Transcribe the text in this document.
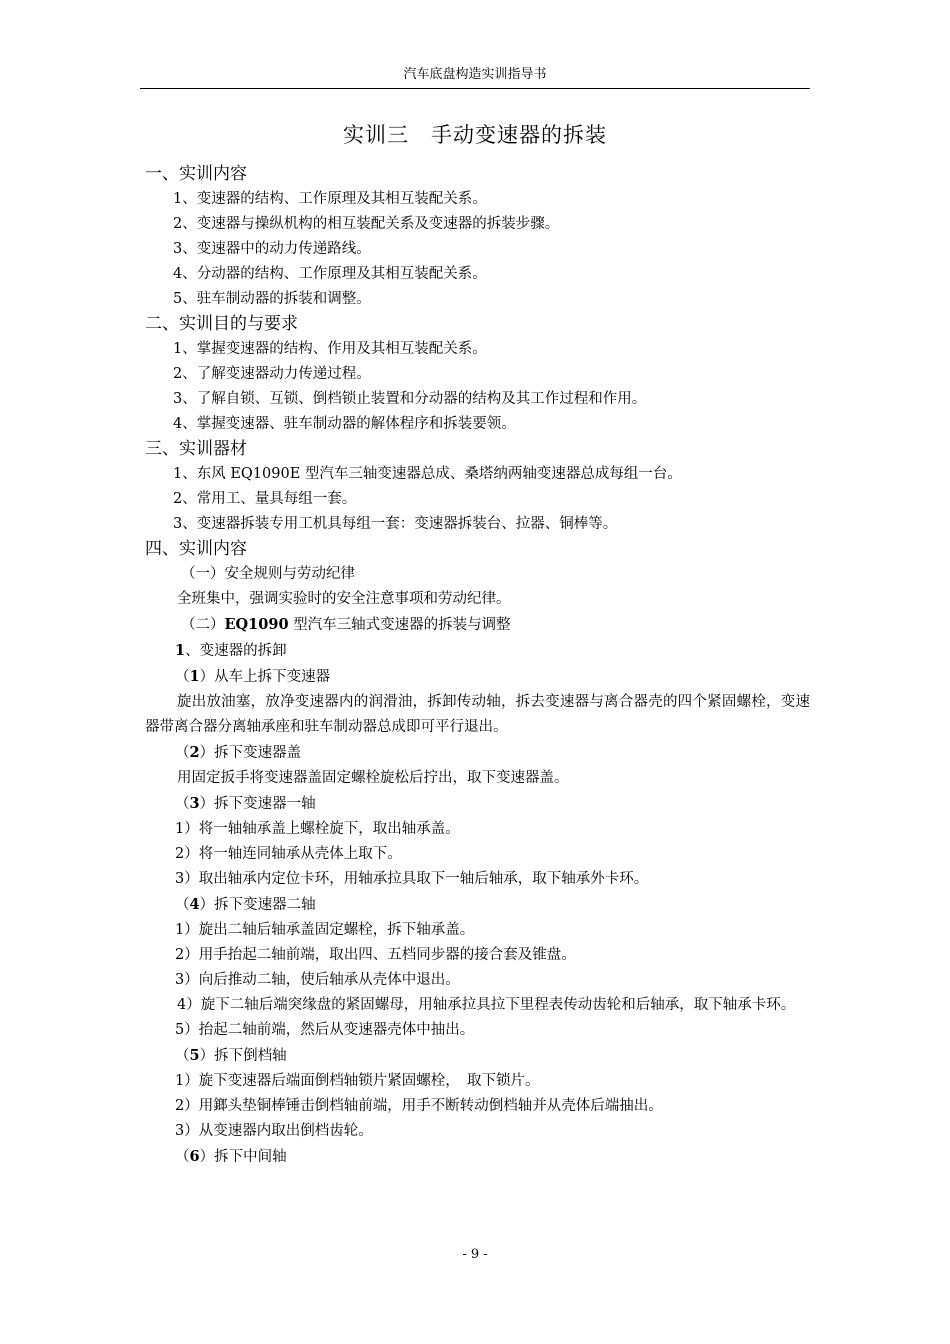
汽车底盘构造实训指导书
实训三　手动变速器的拆装

一、实训内容

1、变速器的结构、工作原理及其相互装配关系。

2、变速器与操纵机构的相互装配关系及变速器的拆装步骤。

3、变速器中的动力传递路线。

4、分动器的结构、工作原理及其相互装配关系。

5、驻车制动器的拆装和调整。

二、实训目的与要求

1、掌握变速器的结构、作用及其相互装配关系。

2、了解变速器动力传递过程。

3、了解自锁、互锁、倒档锁止装置和分动器的结构及其工作过程和作用。

4、掌握变速器、驻车制动器的解体程序和拆装要领。

三、实训器材

1、东风 EQ1090E 型汽车三轴变速器总成、桑塔纳两轴变速器总成每组一台。

2、常用工、量具每组一套。

3、变速器拆装专用工机具每组一套：变速器拆装台、拉器、铜棒等。

四、实训内容

（一）安全规则与劳动纪律

全班集中，强调实验时的安全注意事项和劳动纪律。

（二）EQ1090 型汽车三轴式变速器的拆装与调整

1、变速器的拆卸

（1）从车上拆下变速器

旋出放油塞，放净变速器内的润滑油，拆卸传动轴，拆去变速器与离合器壳的四个紧固螺栓，变速器带离合器分离轴承座和驻车制动器总成即可平行退出。

（2）拆下变速器盖

用固定扳手将变速器盖固定螺栓旋松后拧出，取下变速器盖。

（3）拆下变速器一轴

1）将一轴轴承盖上螺栓旋下，取出轴承盖。

2）将一轴连同轴承从壳体上取下。

3）取出轴承内定位卡环，用轴承拉具取下一轴后轴承，取下轴承外卡环。

（4）拆下变速器二轴

1）旋出二轴后轴承盖固定螺栓，拆下轴承盖。

2）用手抬起二轴前端，取出四、五档同步器的接合套及锥盘。

3）向后推动二轴，使后轴承从壳体中退出。

4）旋下二轴后端突缘盘的紧固螺母，用轴承拉具拉下里程表传动齿轮和后轴承，取下轴承卡环。

5）抬起二轴前端，然后从变速器壳体中抽出。

（5）拆下倒档轴

1）旋下变速器后端面倒档轴锁片紧固螺栓，　取下锁片。

2）用鎯头垫铜棒锤击倒档轴前端，用手不断转动倒档轴并从壳体后端抽出。

3）从变速器内取出倒档齿轮。

（6）拆下中间轴

- 9 -
